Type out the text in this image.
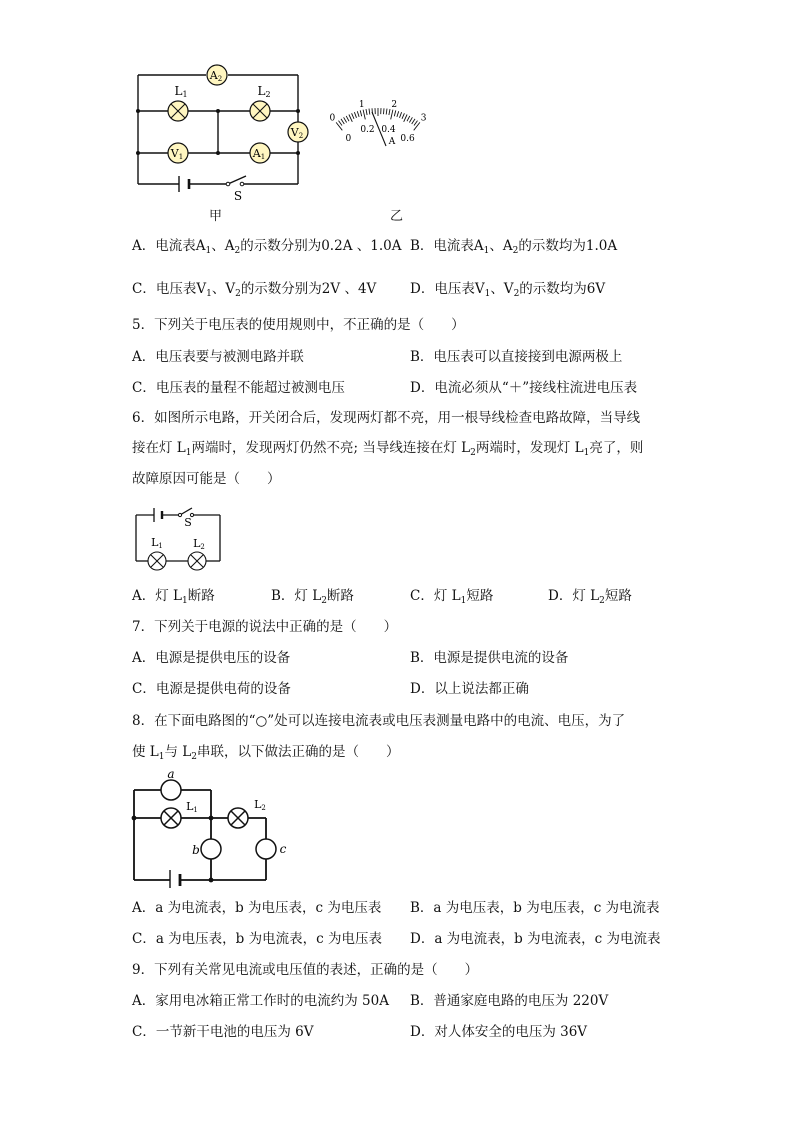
A2
V2
V1	A1
L1	L2
S
甲
0
1	2
3
0
0.2 0.4
0.6
A
乙
A．电流表$A_1$、$A_2$的示数分别为0.2A 、1.0A B．电流表$A_1$、$A_2$的示数均为1.0A
C．电压表$V_1$、$V_2$的示数分别为2V 、4V D．电压表$V_1$、$V_2$的示数均为6V
5．下列关于电压表的使用规则中，不正确的是（　　）
A．电压表要与被测电路并联	B．电压表可以直接接到电源两极上
C．电压表的量程不能超过被测电压	D．电流必须从“＋”接线柱流进电压表
6．如图所示电路，开关闭合后，发现两灯都不亮，用一根导线检查电路故障，当导线
接在灯 $L_1$两端时，发现两灯仍然不亮; 当导线连接在灯 $L_2$两端时，发现灯 $L_1$亮了，则
故障原因可能是（　　）
S
L1	L2
A．灯 $L_1$断路	B．灯 $L_2$断路	C．灯 $L_1$短路	D．灯 $L_2$短路
7．下列关于电源的说法中正确的是（　　）
A．电源是提供电压的设备	B．电源是提供电流的设备
C．电源是提供电荷的设备	D．以上说法都正确
8．在下面电路图的“○”处可以连接电流表或电压表测量电路中的电流、电压，为了
使 $L_1$与 $L_2$串联，以下做法正确的是（　　）
a
b	c
L1	L2
A．a 为电流表，b 为电压表，c 为电压表 B．a 为电压表，b 为电压表，c 为电流表
C．a 为电压表，b 为电流表，c 为电压表 D．a 为电流表，b 为电流表，c 为电流表
9．下列有关常见电流或电压值的表述，正确的是（　　）
A．家用电冰箱正常工作时的电流约为 50A B．普通家庭电路的电压为 220V
C．一节新干电池的电压为 6V	D．对人体安全的电压为 36V
